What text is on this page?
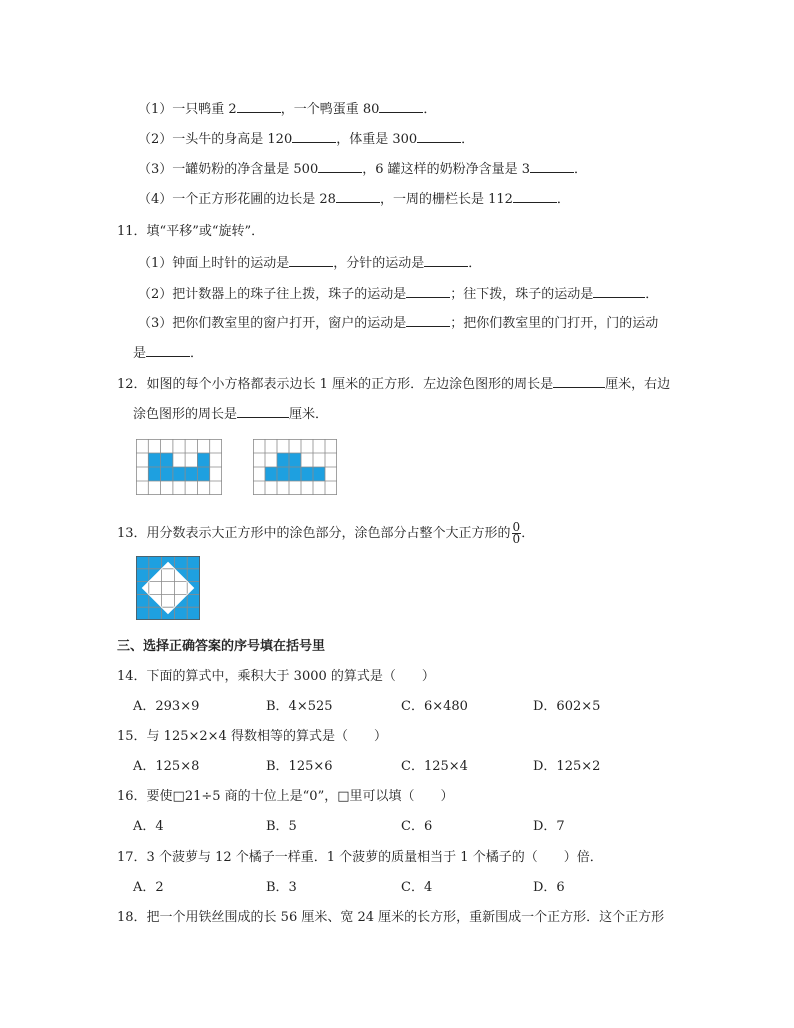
（1）一只鸭重 2	，一个鸭蛋重 80	．
（2）一头牛的身高是 120	，体重是 300	．
（3）一罐奶粉的净含量是 500	，6 罐这样的奶粉净含量是 3	．
（4）一个正方形花圃的边长是 28	，一周的栅栏长是 112	．
11．填“平移”或“旋转”．
（1）钟面上时针的运动是	，分针的运动是	．
（2）把计数器上的珠子往上拨，珠子的运动是	；往下拨，珠子的运动是	．
（3）把你们教室里的窗户打开，窗户的运动是	；把你们教室里的门打开，门的运动
是	．
12．如图的每个小方格都表示边长 1 厘米的正方形．左边涂色图形的周长是	厘米，右边
涂色图形的周长是	厘米．
13．用分数表示大正方形中的涂色部分，涂色部分占整个大正方形的 $\frac{0}{0}$ ．
三、选择正确答案的序号填在括号里
14．下面的算式中，乘积大于 3000 的算式是（　　）
A．293×9	B．4×525	C．6×480	D．602×5
15．与 125×2×4 得数相等的算式是（　　）
A．125×8	B．125×6	C．125×4	D．125×2
16．要使□21÷5 商的十位上是“0”，□里可以填（　　）
A．4	B．5	C．6	D．7
17．3 个菠萝与 12 个橘子一样重．1 个菠萝的质量相当于 1 个橘子的（　　）倍．
A．2	B．3	C．4	D．6
18．把一个用铁丝围成的长 56 厘米、宽 24 厘米的长方形，重新围成一个正方形．这个正方形
